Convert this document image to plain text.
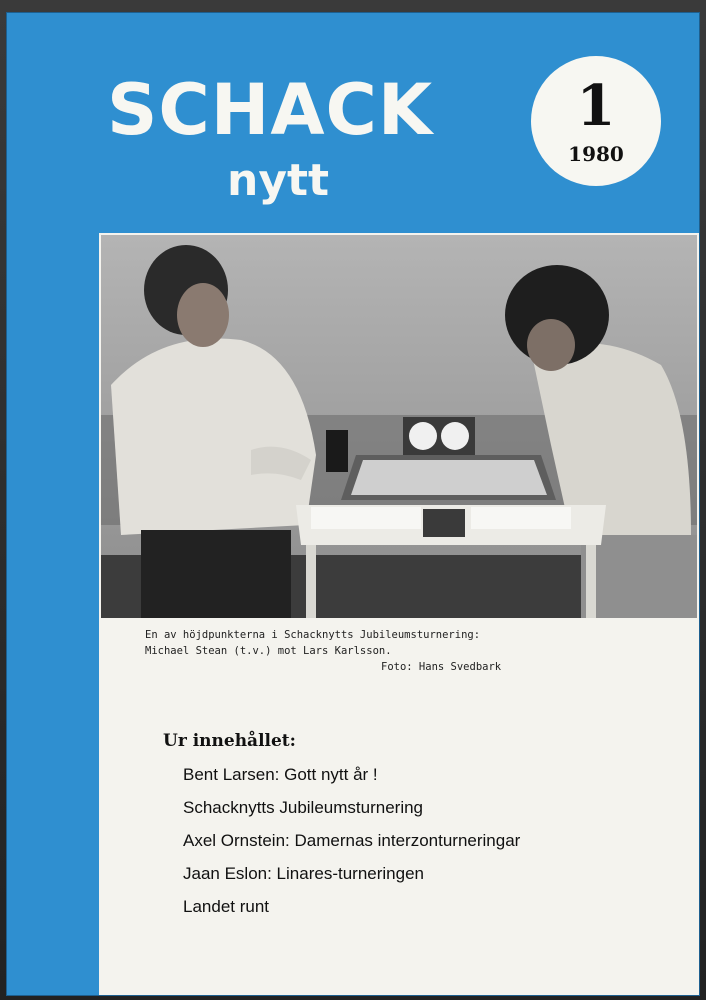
SCHACK
nytt
1
1980
En av höjdpunkterna i Schacknytts Jubileumsturnering:
Michael Stean (t.v.) mot Lars Karlsson.
Foto: Hans Svedbark
Ur innehållet:
Bent Larsen: Gott nytt år !
Schacknytts Jubileumsturnering
Axel Ornstein: Damernas interzonturneringar
Jaan Eslon: Linares-turneringen
Landet runt
